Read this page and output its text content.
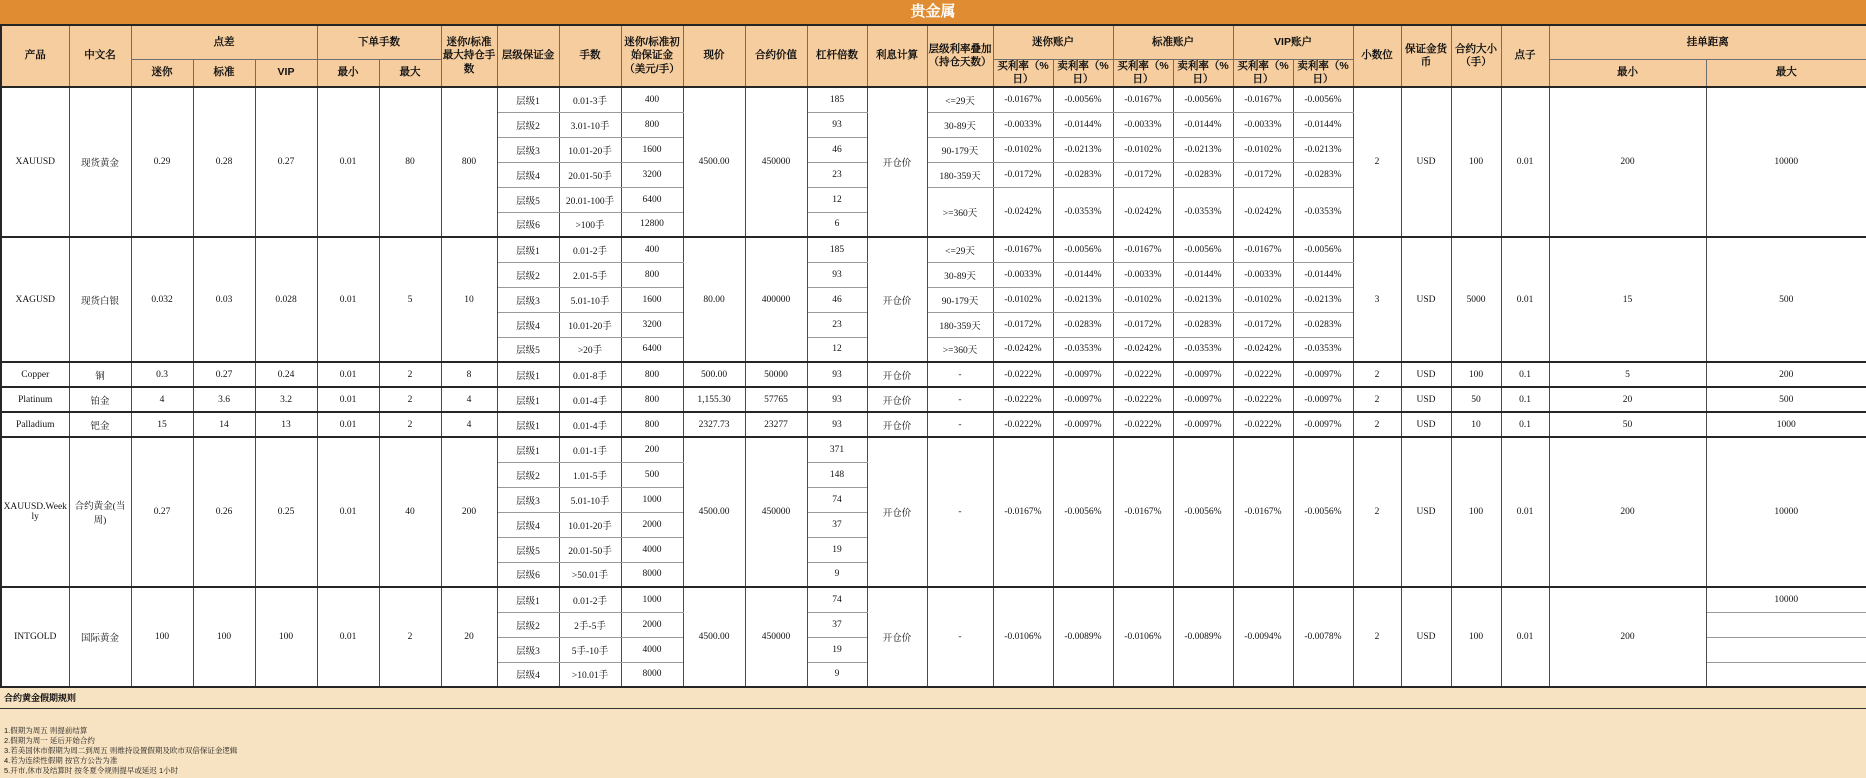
贵金属
产品	中文名	点差			下单手数		迷你/标准最大持仓手数	层级保证金	手数	迷你/标准初始保证金（美元/手）	现价	合约价值	杠杆倍数	利息计算	层级利率叠加（持仓天数）	迷你账户		标准账户		VIP账户		小数位	保证金货币	合约大小（手）	点子	挂单距离	
		迷你	标准	VIP	最小	最大										买利率（%日）	卖利率（%日）	买利率（%日）	卖利率（%日）	买利率（%日）	卖利率（%日）					最小	最大
XAUUSD	现货黄金	0.29	0.28	0.27	0.01	80	800	层级1	0.01-3手	400	4500.00	450000	185	开仓价	<=29天	-0.0167%	-0.0056%	-0.0167%	-0.0056%	-0.0167%	-0.0056%	2	USD	100	0.01	200	10000
								层级2	3.01-10手	800			93		30-89天	-0.0033%	-0.0144%	-0.0033%	-0.0144%	-0.0033%	-0.0144%						
								层级3	10.01-20手	1600			46		90-179天	-0.0102%	-0.0213%	-0.0102%	-0.0213%	-0.0102%	-0.0213%						
								层级4	20.01-50手	3200			23		180-359天	-0.0172%	-0.0283%	-0.0172%	-0.0283%	-0.0172%	-0.0283%						
								层级5	20.01-100手	6400			12		>=360天	-0.0242%	-0.0353%	-0.0242%	-0.0353%	-0.0242%	-0.0353%						
								层级6	>100手	12800			6														
XAGUSD	现货白银	0.032	0.03	0.028	0.01	5	10	层级1	0.01-2手	400	80.00	400000	185	开仓价	<=29天	-0.0167%	-0.0056%	-0.0167%	-0.0056%	-0.0167%	-0.0056%	3	USD	5000	0.01	15	500
								层级2	2.01-5手	800			93		30-89天	-0.0033%	-0.0144%	-0.0033%	-0.0144%	-0.0033%	-0.0144%						
								层级3	5.01-10手	1600			46		90-179天	-0.0102%	-0.0213%	-0.0102%	-0.0213%	-0.0102%	-0.0213%						
								层级4	10.01-20手	3200			23		180-359天	-0.0172%	-0.0283%	-0.0172%	-0.0283%	-0.0172%	-0.0283%						
								层级5	>20手	6400			12		>=360天	-0.0242%	-0.0353%	-0.0242%	-0.0353%	-0.0242%	-0.0353%						
Copper	铜	0.3	0.27	0.24	0.01	2	8	层级1	0.01-8手	800	500.00	50000	93	开仓价	-	-0.0222%	-0.0097%	-0.0222%	-0.0097%	-0.0222%	-0.0097%	2	USD	100	0.1	5	200
Platinum	铂金	4	3.6	3.2	0.01	2	4	层级1	0.01-4手	800	1,155.30	57765	93	开仓价	-	-0.0222%	-0.0097%	-0.0222%	-0.0097%	-0.0222%	-0.0097%	2	USD	50	0.1	20	500
Palladium	钯金	15	14	13	0.01	2	4	层级1	0.01-4手	800	2327.73	23277	93	开仓价	-	-0.0222%	-0.0097%	-0.0222%	-0.0097%	-0.0222%	-0.0097%	2	USD	10	0.1	50	1000
XAUUSD.Weekly	合约黄金(当周)	0.27	0.26	0.25	0.01	40	200	层级1	0.01-1手	200	4500.00	450000	371	开仓价	-	-0.0167%	-0.0056%	-0.0167%	-0.0056%	-0.0167%	-0.0056%	2	USD	100	0.01	200	10000
								层级2	1.01-5手	500			148														
								层级3	5.01-10手	1000			74														
								层级4	10.01-20手	2000			37														
								层级5	20.01-50手	4000			19														
								层级6	>50.01手	8000			9														
INTGOLD	国际黄金	100	100	100	0.01	2	20	层级1	0.01-2手	1000	4500.00	450000	74	开仓价	-	-0.0106%	-0.0089%	-0.0106%	-0.0089%	-0.0094%	-0.0078%	2	USD	100	0.01	200	10000
								层级2	2手-5手	2000			37														
								层级3	5手-10手	4000			19														
								层级4	>10.01手	8000			9														
合约黄金假期规则
1.假期为周五 则提前结算
2.假期为周一 延后开始合约
3.若美国休市假期为周二到周五 则维持设置假期及欧市双倍保证金逻辑
4.若为连续性假期 按官方公告为准
5.开市,休市及结算时 按冬夏令规则提早或延迟 1小时
